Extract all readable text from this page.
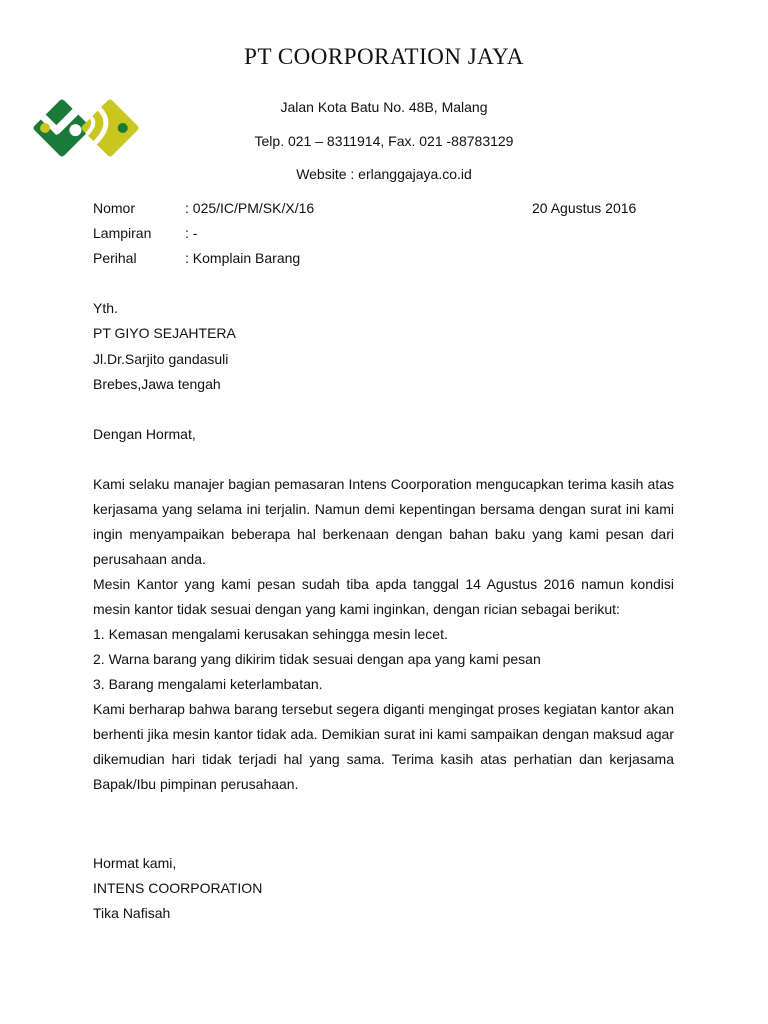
PT COORPORATION JAYA
Jalan Kota Batu No. 48B, Malang
Telp. 021 – 8311914, Fax. 021 -88783129
Website : erlanggajaya.co.id
Nomor	: 025/IC/PM/SK/X/16	20 Agustus 2016
Lampiran : -
Perihal	: Komplain Barang
Yth.
PT GIYO SEJAHTERA
Jl.Dr.Sarjito gandasuli
Brebes,Jawa tengah
Dengan Hormat,

Kami selaku manajer bagian pemasaran Intens Coorporation mengucapkan terima kasih atas kerjasama yang selama ini terjalin. Namun demi kepentingan bersama dengan surat ini kami ingin menyampaikan beberapa hal berkenaan dengan bahan baku yang kami pesan dari perusahaan anda.

Mesin Kantor yang kami pesan sudah tiba apda tanggal 14 Agustus 2016 namun kondisi mesin kantor tidak sesuai dengan yang kami inginkan, dengan rician sebagai berikut:

1. Kemasan mengalami kerusakan sehingga mesin lecet.

2. Warna barang yang dikirim tidak sesuai dengan apa yang kami pesan

3. Barang mengalami keterlambatan.

Kami berharap bahwa barang tersebut segera diganti mengingat proses kegiatan kantor akan berhenti jika mesin kantor tidak ada. Demikian surat ini kami sampaikan dengan maksud agar dikemudian hari tidak terjadi hal yang sama. Terima kasih atas perhatian dan kerjasama Bapak/Ibu pimpinan perusahaan.

Hormat kami,
INTENS COORPORATION
Tika Nafisah
